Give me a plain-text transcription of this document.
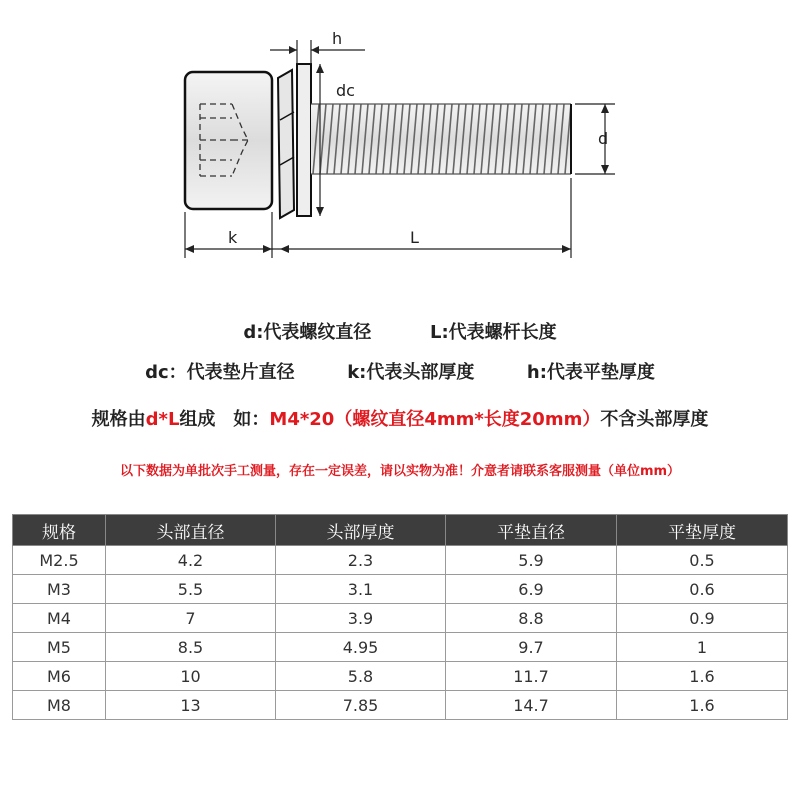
h
dc
d
k	L
d:代表螺纹直径	L:代表螺杆长度
dc：代表垫片直径	k:代表头部厚度	h:代表平垫厚度
规格由d*L组成　如：M4*20（螺纹直径4mm*长度20mm）不含头部厚度
以下数据为单批次手工测量，存在一定误差，请以实物为准！介意者请联系客服测量（单位mm）
规格	头部直径	头部厚度	平垫直径	平垫厚度
M2.5	4.2	2.3	5.9	0.5
M3	5.5	3.1	6.9	0.6
M4	7	3.9	8.8	0.9
M5	8.5	4.95	9.7	1
M6	10	5.8	11.7	1.6
M8	13	7.85	14.7	1.6
